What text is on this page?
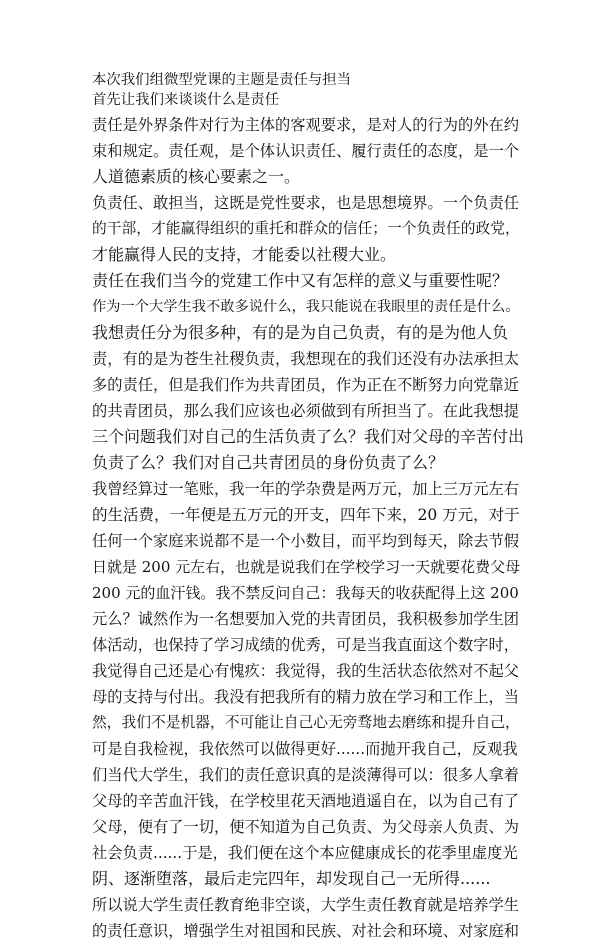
本次我们组微型党课的主题是责任与担当

首先让我们来谈谈什么是责任

责任是外界条件对行为主体的客观要求，是对人的行为的外在约

束和规定。责任观，是个体认识责任、履行责任的态度，是一个

人道德素质的核心要素之一。

负责任、敢担当，这既是党性要求，也是思想境界。一个负责任

的干部，才能赢得组织的重托和群众的信任；一个负责任的政党，

才能赢得人民的支持，才能委以社稷大业。

责任在我们当今的党建工作中又有怎样的意义与重要性呢？

作为一个大学生我不敢多说什么，我只能说在我眼里的责任是什么。

我想责任分为很多种，有的是为自己负责，有的是为他人负

责，有的是为苍生社稷负责，我想现在的我们还没有办法承担太

多的责任，但是我们作为共青团员，作为正在不断努力向党靠近

的共青团员，那么我们应该也必须做到有所担当了。在此我想提

三个问题我们对自己的生活负责了么？我们对父母的辛苦付出

负责了么？我们对自己共青团员的身份负责了么？

我曾经算过一笔账，我一年的学杂费是两万元，加上三万元左右

的生活费，一年便是五万元的开支，四年下来，20 万元，对于

任何一个家庭来说都不是一个小数目，而平均到每天，除去节假

日就是 200 元左右，也就是说我们在学校学习一天就要花费父母

200 元的血汗钱。我不禁反问自己：我每天的收获配得上这 200

元么？诚然作为一名想要加入党的共青团员，我积极参加学生团

体活动，也保持了学习成绩的优秀，可是当我直面这个数字时，

我觉得自己还是心有愧疚：我觉得，我的生活状态依然对不起父

母的支持与付出。我没有把我所有的精力放在学习和工作上，当

然，我们不是机器，不可能让自己心无旁骛地去磨练和提升自己，

可是自我检视，我依然可以做得更好......而抛开我自己，反观我

们当代大学生，我们的责任意识真的是淡薄得可以：很多人拿着

父母的辛苦血汗钱，在学校里花天酒地逍遥自在，以为自己有了

父母，便有了一切，便不知道为自己负责、为父母亲人负责、为

社会负责......于是，我们便在这个本应健康成长的花季里虚度光

阴、逐渐堕落，最后走完四年，却发现自己一无所得......

所以说大学生责任教育绝非空谈，大学生责任教育就是培养学生

的责任意识，增强学生对祖国和民族、对社会和环境、对家庭和
